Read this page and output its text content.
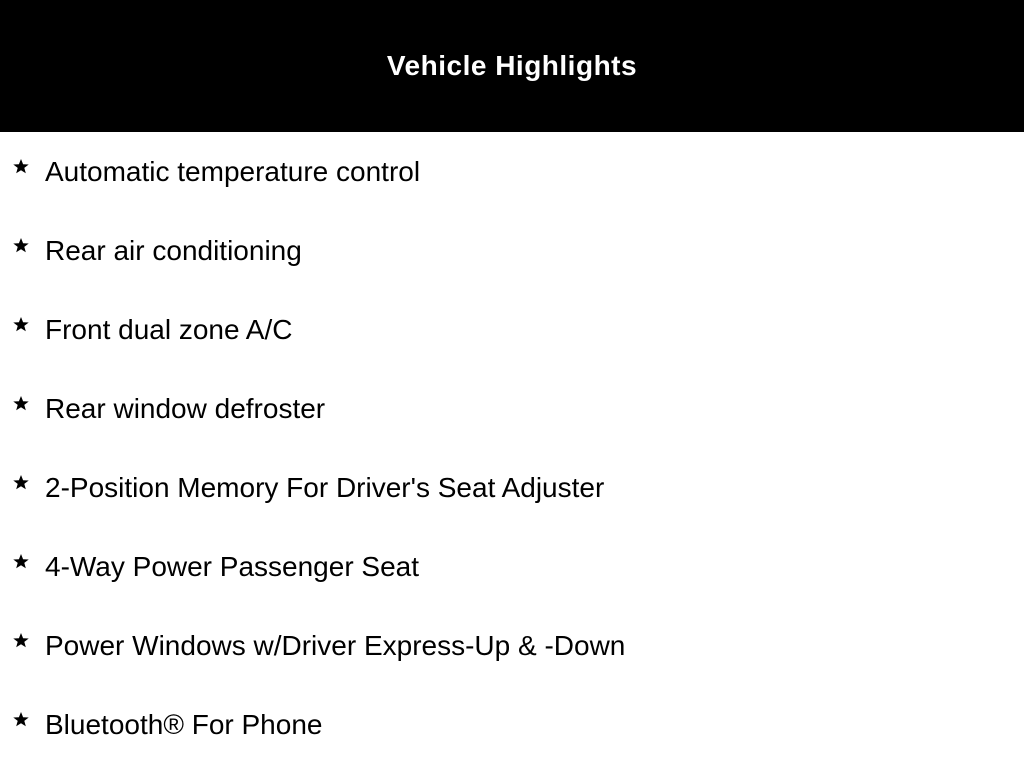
Vehicle Highlights
Automatic temperature control
Rear air conditioning
Front dual zone A/C
Rear window defroster
2-Position Memory For Driver's Seat Adjuster
4-Way Power Passenger Seat
Power Windows w/Driver Express-Up & -Down
Bluetooth® For Phone
